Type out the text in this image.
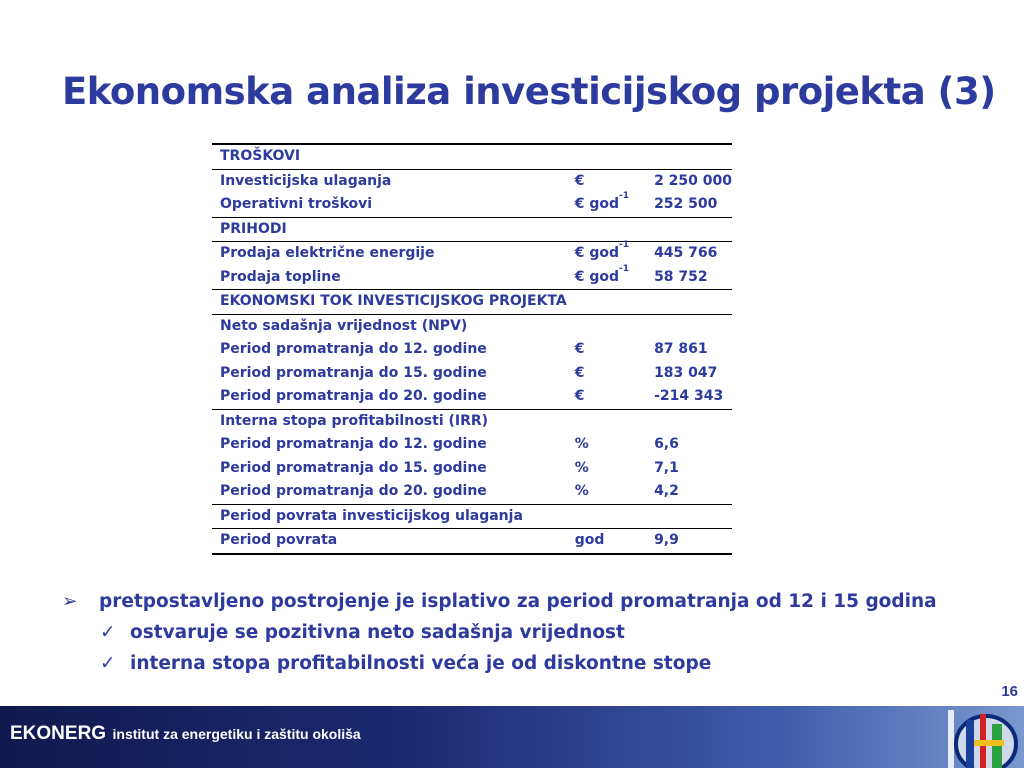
Ekonomska analiza investicijskog projekta (3)
TROŠKOVI		
Investicijska ulaganja	€	2 250 000
Operativni troškovi	€ god$^{-1}$	252 500
PRIHODI		
Prodaja električne energije	€ god$^{-1}$	445 766
Prodaja topline	€ god$^{-1}$	58 752
EKONOMSKI TOK INVESTICIJSKOG PROJEKTA		
Neto sadašnja vrijednost (NPV)		
Period promatranja do 12. godine	€	87 861
Period promatranja do 15. godine	€	183 047
Period promatranja do 20. godine	€	-214 343
Interna stopa profitabilnosti (IRR)		
Period promatranja do 12. godine	%	6,6
Period promatranja do 15. godine	%	7,1
Period promatranja do 20. godine	%	4,2
Period povrata investicijskog ulaganja		
Period povrata	god	9,9
➢ pretpostavljeno postrojenje je isplativo za period promatranja od 12 i 15 godina
✓ ostvaruje se pozitivna neto sadašnja vrijednost
✓ interna stopa profitabilnosti veća je od diskontne stope
16
EKONERG institut za energetiku i zaštitu okoliša
